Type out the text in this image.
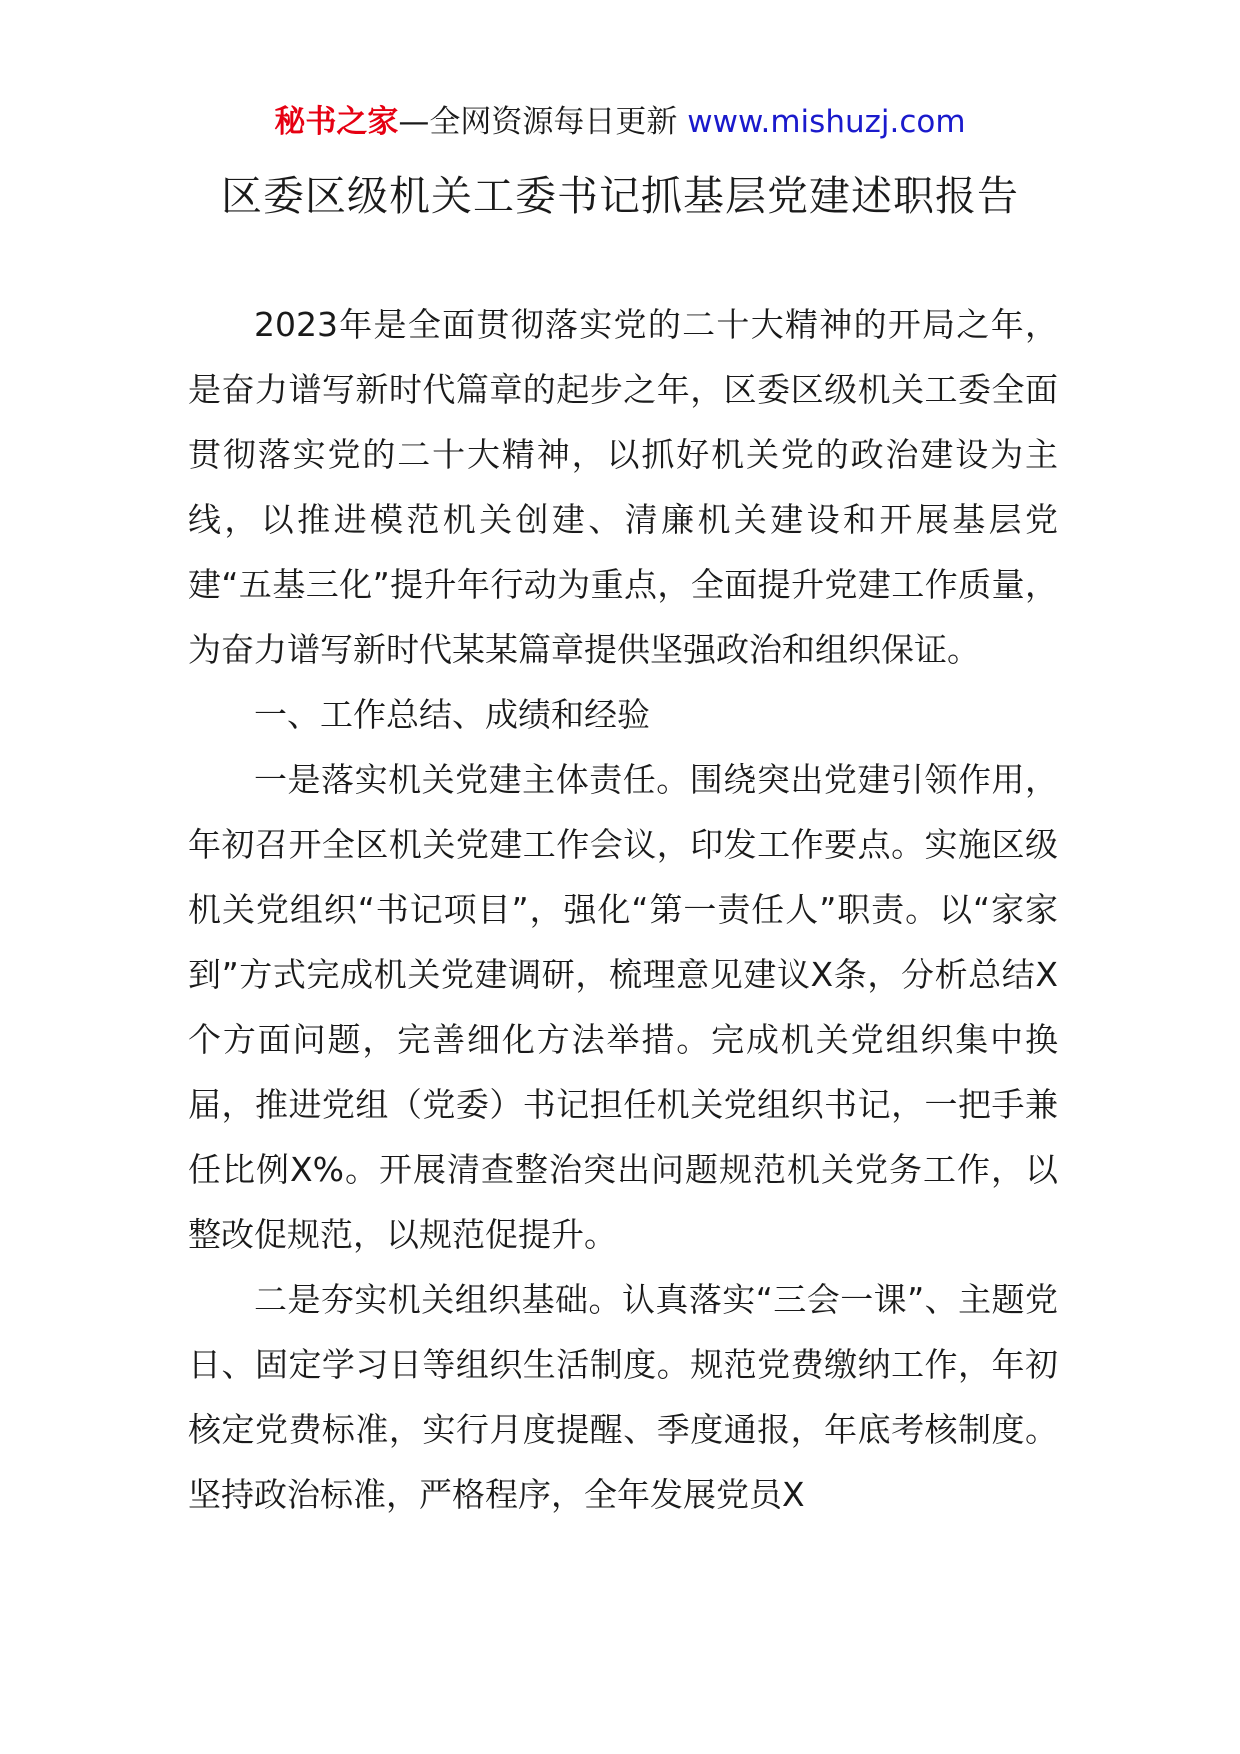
秘书之家—全网资源每日更新 www.mishuzj.com
区委区级机关工委书记抓基层党建述职报告

2023年是全面贯彻落实党的二十大精神的开局之年，是奋力谱写新时代篇章的起步之年，区委区级机关工委全面贯彻落实党的二十大精神，以抓好机关党的政治建设为主线，以推进模范机关创建、清廉机关建设和开展基层党建“五基三化”提升年行动为重点，全面提升党建工作质量，为奋力谱写新时代某某篇章提供坚强政治和组织保证。

一、工作总结、成绩和经验

一是落实机关党建主体责任。围绕突出党建引领作用，年初召开全区机关党建工作会议，印发工作要点。实施区级机关党组织“书记项目”，强化“第一责任人”职责。以“家家到”方式完成机关党建调研，梳理意见建议X条，分析总结X个方面问题，完善细化方法举措。完成机关党组织集中换届，推进党组（党委）书记担任机关党组织书记，一把手兼任比例X%。开展清查整治突出问题规范机关党务工作，以整改促规范，以规范促提升。

二是夯实机关组织基础。认真落实“三会一课”、主题党日、固定学习日等组织生活制度。规范党费缴纳工作，年初核定党费标准，实行月度提醒、季度通报，年底考核制度。坚持政治标准，严格程序，全年发展党员X
